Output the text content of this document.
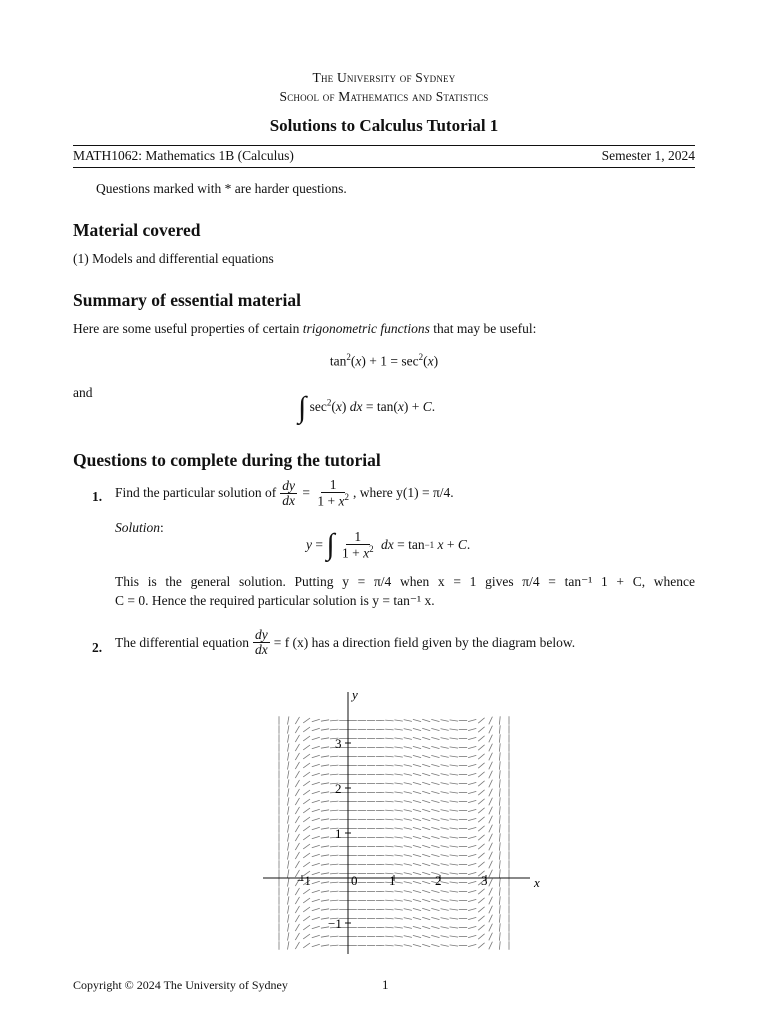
The University of Sydney
School of Mathematics and Statistics
Solutions to Calculus Tutorial 1
MATH1062: Mathematics 1B (Calculus)	Semester 1, 2024
Questions marked with * are harder questions.
Material covered
(1) Models and differential equations
Summary of essential material
Here are some useful properties of certain trigonometric functions that may be useful:
$\tan^2(x) + 1 = \sec^2(x)$
and	∫ $\sec^2(x)$ dx = tan(x) + C.
Questions to complete during the tutorial
1. Find the particular solution of $\frac{dy}{dx} = \frac{1}{1 + x^2}$ , where y(1) = π/4.
Solution:
y = ∫
$\frac{1}{1 + x^2}$
dx = tan −1
x + C .
This is the general solution. Putting y = π/4 when x = 1 gives π/4 = tan⁻¹ 1 + C, whence
C = 0. Hence the required particular solution is y = tan⁻¹ x.
2. The differential equation $\frac{dy}{dx} = f$ (x) has a direction field given by the diagram below.
x
y
−1	0 1	2	3
−1
1
2
3
Copyright © 2024 The University of Sydney	1
